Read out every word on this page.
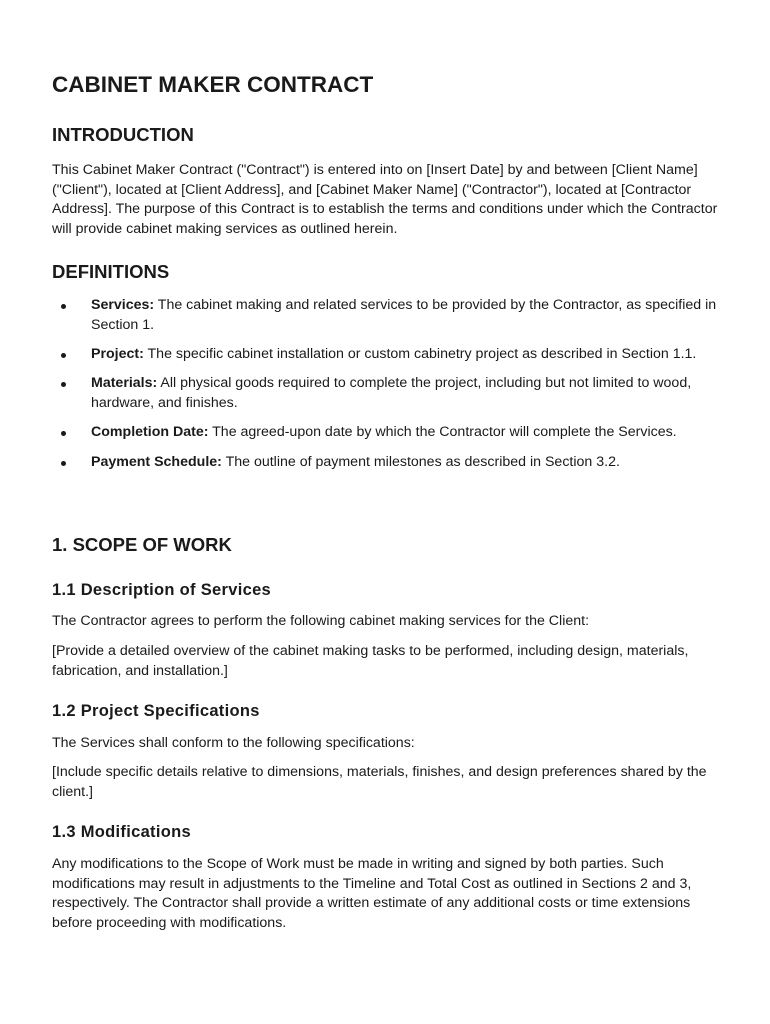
CABINET MAKER CONTRACT
INTRODUCTION

This Cabinet Maker Contract ("Contract") is entered into on [Insert Date] by and between [Client Name] ("Client"), located at [Client Address], and [Cabinet Maker Name] ("Contractor"), located at [Contractor Address]. The purpose of this Contract is to establish the terms and conditions under which the Contractor will provide cabinet making services as outlined herein.

DEFINITIONS
Services: The cabinet making and related services to be provided by the Contractor, as specified in Section 1.
Project: The specific cabinet installation or custom cabinetry project as described in Section 1.1.
Materials: All physical goods required to complete the project, including but not limited to wood, hardware, and finishes.
Completion Date: The agreed-upon date by which the Contractor will complete the Services.
Payment Schedule: The outline of payment milestones as described in Section 3.2.
1. SCOPE OF WORK
1.1 Description of Services

The Contractor agrees to perform the following cabinet making services for the Client:

[Provide a detailed overview of the cabinet making tasks to be performed, including design, materials, fabrication, and installation.]

1.2 Project Specifications

The Services shall conform to the following specifications:

[Include specific details relative to dimensions, materials, finishes, and design preferences shared by the client.]

1.3 Modifications

Any modifications to the Scope of Work must be made in writing and signed by both parties. Such modifications may result in adjustments to the Timeline and Total Cost as outlined in Sections 2 and 3, respectively. The Contractor shall provide a written estimate of any additional costs or time extensions before proceeding with modifications.
